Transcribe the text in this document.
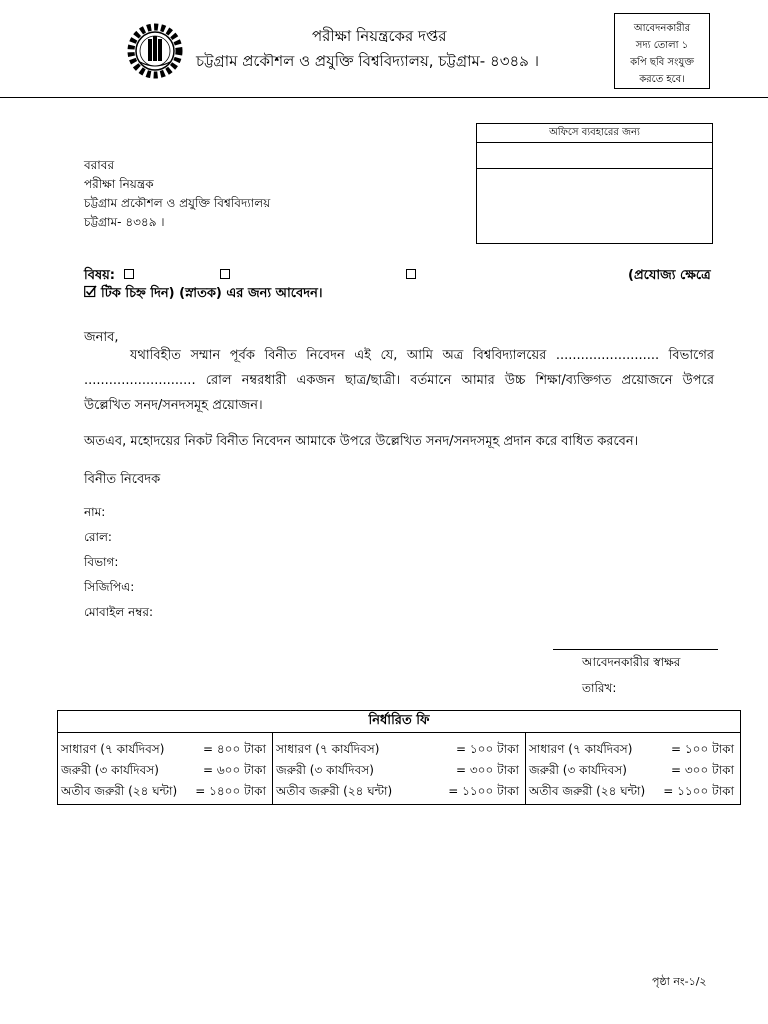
পরীক্ষা নিয়ন্ত্রকের দপ্তর
চট্টগ্রাম প্রকৌশল ও প্রযুক্তি বিশ্ববিদ্যালয়, চট্টগ্রাম- ৪৩৪৯ ।
আবেদনকারীর
সদ্য তোলা ১
কপি ছবি সংযুক্ত
করতে হবে।
অফিসে ব্যবহারের জন্য
বরাবর
পরীক্ষা নিয়ন্ত্রক
চট্টগ্রাম প্রকৌশল ও প্রযুক্তি বিশ্ববিদ্যালয়
চট্টগ্রাম- ৪৩৪৯ ।
বিষয়:	(প্রযোজ্য ক্ষেত্রে
টিক চিহ্ন দিন) (স্নাতক) এর জন্য আবেদন।
জনাব,
যথাবিহীত সম্মান পূর্বক বিনীত নিবেদন এই যে, আমি অত্র বিশ্ববিদ্যালয়ের ......................... বিভাগের
........................... রোল নম্বরধারী একজন ছাত্র/ছাত্রী। বর্তমানে আমার উচ্চ শিক্ষা/ব্যক্তিগত প্রয়োজনে উপরে
উল্লেখিত সনদ/সনদসমূহ প্রয়োজন।
অতএব, মহোদয়ের নিকট বিনীত নিবেদন আমাকে উপরে উল্লেখিত সনদ/সনদসমূহ প্রদান করে বাধিত করবেন।
বিনীত নিবেদক
নাম:
রোল:
বিভাগ:
সিজিপিএ:
মোবাইল নম্বর:
আবেদনকারীর স্বাক্ষর
তারিখ:
নির্ধারিত ফি

সাধারণ (৭ কার্যদিবস)	= ৪০০ টাকা
জরুরী (৩ কার্যদিবস)	= ৬০০ টাকা
অতীব জরুরী (২৪ ঘন্টা) = ১৪০০ টাকা

সাধারণ (৭ কার্যদিবস)	= ১০০ টাকা
জরুরী (৩ কার্যদিবস)	= ৩০০ টাকা
অতীব জরুরী (২৪ ঘন্টা)	= ১১০০ টাকা

সাধারণ (৭ কার্যদিবস)	= ১০০ টাকা
জরুরী (৩ কার্যদিবস)	= ৩০০ টাকা
অতীব জরুরী (২৪ ঘন্টা) = ১১০০ টাকা
পৃষ্ঠা নং-১/২
